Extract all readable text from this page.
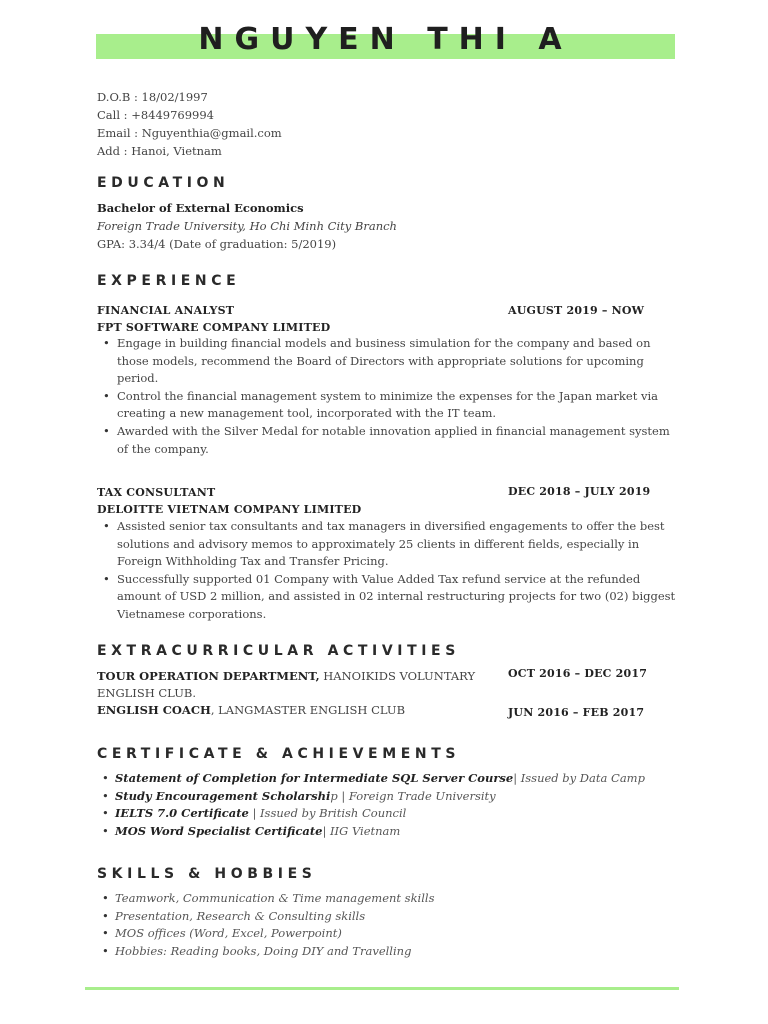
NGUYEN THI A
D.O.B : 18/02/1997
Call : +8449769994
Email : Nguyenthia@gmail.com
Add : Hanoi, Vietnam
EDUCATION
Bachelor of External Economics
Foreign Trade University, Ho Chi Minh City Branch
GPA: 3.34/4 (Date of graduation: 5/2019)
EXPERIENCE
FINANCIAL ANALYST	AUGUST 2019 – NOW
FPT SOFTWARE COMPANY LIMITED
• Engage in building financial models and business simulation for the company and based on those models, recommend the Board of Directors with appropriate solutions for upcoming period.
• Control the financial management system to minimize the expenses for the Japan market via creating a new management tool, incorporated with the IT team.
• Awarded with the Silver Medal for notable innovation applied in financial management system of the company.
TAX CONSULTANT	DEC 2018 – JULY 2019
DELOITTE VIETNAM COMPANY LIMITED
• Assisted senior tax consultants and tax managers in diversified engagements to offer the best solutions and advisory memos to approximately 25 clients in different fields, especially in Foreign Withholding Tax and Transfer Pricing.
• Successfully supported 01 Company with Value Added Tax refund service at the refunded amount of USD 2 million, and assisted in 02 internal restructuring projects for two (02) biggest Vietnamese corporations.
EXTRACURRICULAR ACTIVITIES
TOUR OPERATION DEPARTMENT, HANOIKIDS VOLUNTARY ENGLISH CLUB.
OCT 2016 – DEC 2017
ENGLISH COACH, LANGMASTER ENGLISH CLUB	JUN 2016 – FEB 2017
CERTIFICATE & ACHIEVEMENTS
• Statement of Completion for Intermediate SQL Server Course| Issued by Data Camp
• Study Encouragement Scholarship | Foreign Trade University
• IELTS 7.0 Certificate | Issued by British Council
• MOS Word Specialist Certificate| IIG Vietnam
SKILLS & HOBBIES
• Teamwork, Communication & Time management skills
• Presentation, Research & Consulting skills
• MOS offices (Word, Excel, Powerpoint)
• Hobbies: Reading books, Doing DIY and Travelling
